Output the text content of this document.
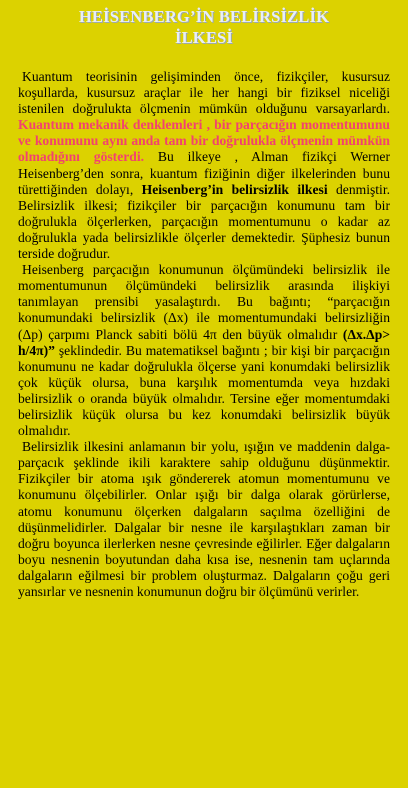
HEİSENBERG’İN BELİRSİZLİK
İLKESİ

Kuantum teorisinin gelişiminden önce, fizikçiler, kusursuz koşullarda, kusursuz araçlar ile her hangi bir fiziksel niceliği istenilen doğrulukta ölçmenin mümkün olduğunu varsayarlardı. Kuantum mekanik denklemleri , bir parçacığın momentumunu ve konumunu aynı anda tam bir doğrulukla ölçmenin mümkün olmadığını gösterdi. Bu ilkeye , Alman fizikçi Werner Heisenberg’den sonra, kuantum fiziğinin diğer ilkelerinden bunu türettiğinden dolayı, Heisenberg’in belirsizlik ilkesi denmiştir. Belirsizlik ilkesi; fizikçiler bir parçacığın konumunu tam bir doğrulukla ölçerlerken, parçacığın momentumunu o kadar az doğrulukla yada belirsizlikle ölçerler demektedir. Şüphesiz bunun terside doğrudur.

Heisenberg parçacığın konumunun ölçümündeki belirsizlik ile momentumunun ölçümündeki belirsizlik arasında ilişkiyi tanımlayan prensibi yasalaştırdı. Bu bağıntı; “parçacığın konumundaki belirsizlik (Δx) ile momentumundaki belirsizliğin (Δp) çarpımı Planck sabiti bölü 4π den büyük olmalıdır (Δx.Δp> h/4π)” şeklindedir. Bu matematiksel bağıntı ; bir kişi bir parçacığın konumunu ne kadar doğrulukla ölçerse yani konumdaki belirsizlik çok küçük olursa, buna karşılık momentumda veya hızdaki belirsizlik o oranda büyük olmalıdır. Tersine eğer momentumdaki belirsizlik küçük olursa bu kez konumdaki belirsizlik büyük olmalıdır.

Belirsizlik ilkesini anlamanın bir yolu, ışığın ve maddenin dalga-parçacık şeklinde ikili karaktere sahip olduğunu düşünmektir. Fizikçiler bir atoma ışık göndererek atomun momentumunu ve konumunu ölçebilirler. Onlar ışığı bir dalga olarak görürlerse, atomu konumunu ölçerken dalgaların saçılma özelliğini de düşünmelidirler. Dalgalar bir nesne ile karşılaştıkları zaman bir doğru boyunca ilerlerken nesne çevresinde eğilirler. Eğer dalgaların boyu nesnenin boyutundan daha kısa ise, nesnenin tam uçlarında dalgaların eğilmesi bir problem oluşturmaz. Dalgaların çoğu geri yansırlar ve nesnenin konumunun doğru bir ölçümünü verirler.
